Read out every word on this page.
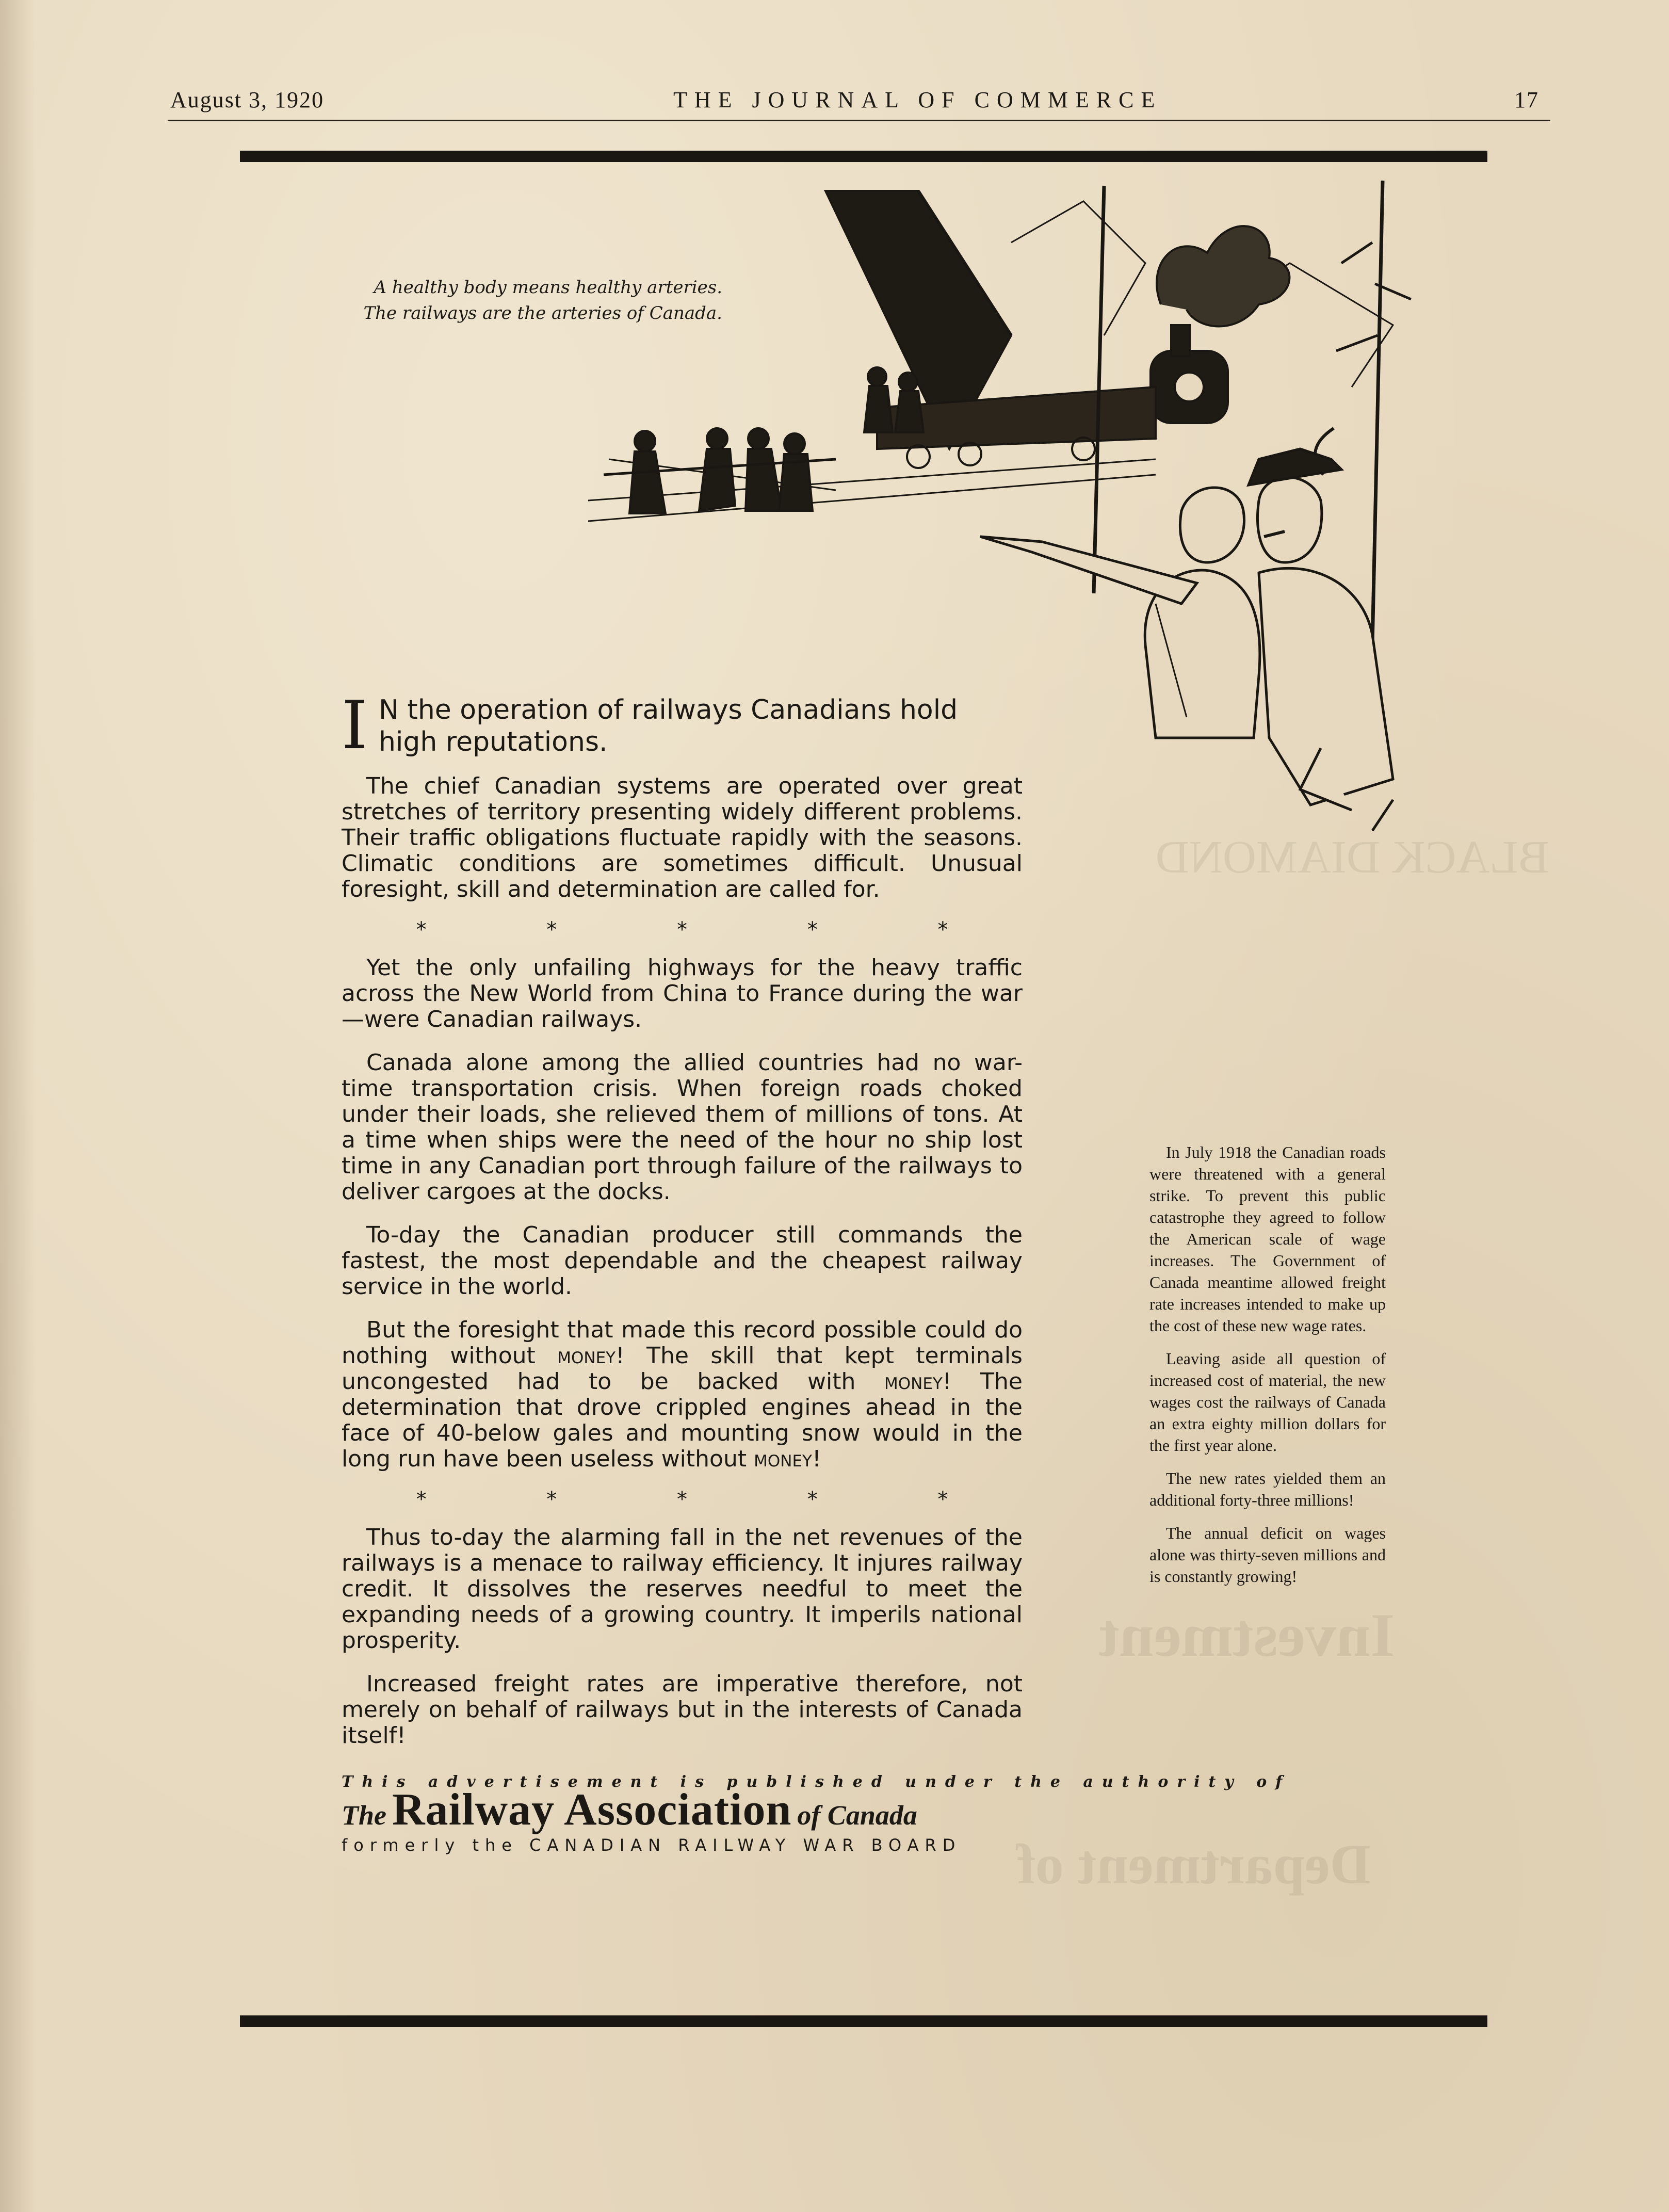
BLACK DIAMOND
Investment
Department of
August 3, 1920	THE JOURNAL OF COMMERCE	17
A healthy body means healthy arteries.
The railways are the arteries of Canada.
I N the operation of railways Canadians hold high reputations.

The chief Canadian systems are operated over great stretches of territory presenting widely different problems. Their traffic obligations fluctuate rapidly with the seasons. Climatic conditions are sometimes difficult. Unusual foresight, skill and determination are called for.

* * * * *

Yet the only unfailing highways for the heavy traffic across the New World from China to France during the war—were Canadian railways.

Canada alone among the allied countries had no war-time transportation crisis. When foreign roads choked under their loads, she relieved them of millions of tons. At a time when ships were the need of the hour no ship lost time in any Canadian port through failure of the railways to deliver cargoes at the docks.

To-day the Canadian producer still commands the fastest, the most dependable and the cheapest railway service in the world.

But the foresight that made this record possible could do nothing without money! The skill that kept terminals uncongested had to be backed with money! The determination that drove crippled engines ahead in the face of 40-below gales and mounting snow would in the long run have been useless without money!

* * * * *

Thus to-day the alarming fall in the net revenues of the railways is a menace to railway efficiency. It injures railway credit. It dissolves the reserves needful to meet the expanding needs of a growing country. It imperils national prosperity.

Increased freight rates are imperative therefore, not merely on behalf of railways but in the interests of Canada itself!

This advertisement is published under the authority of
The Railway Association of Canada
formerly the CANADIAN RAILWAY WAR BOARD

In July 1918 the Canadian roads were threatened with a general strike. To prevent this public catastrophe they agreed to follow the American scale of wage increases. The Government of Canada meantime allowed freight rate increases intended to make up the cost of these new wage rates.

Leaving aside all question of increased cost of material, the new wages cost the railways of Canada an extra eighty million dollars for the first year alone.

The new rates yielded them an additional forty-three millions!

The annual deficit on wages alone was thirty-seven millions and is constantly growing!
